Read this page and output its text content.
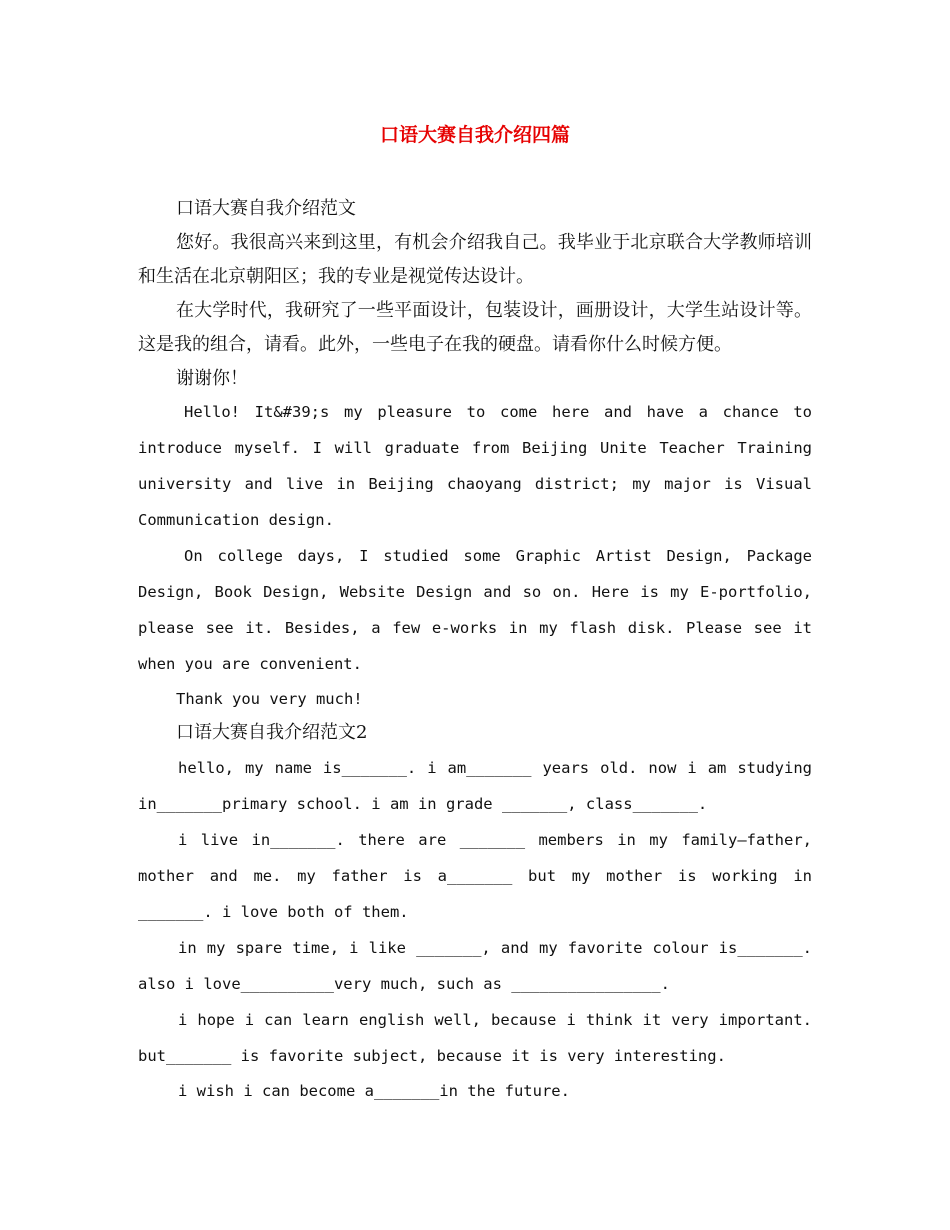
口语大赛自我介绍四篇

口语大赛自我介绍范文

您好。我很高兴来到这里，有机会介绍我自己。我毕业于北京联合大学教师培训和生活在北京朝阳区；我的专业是视觉传达设计。

在大学时代，我研究了一些平面设计，包装设计，画册设计，大学生站设计等。这是我的组合，请看。此外，一些电子在我的硬盘。请看你什么时候方便。

谢谢你！

Hello! It&#39;s my pleasure to come here and have a chance to introduce myself. I will graduate from Beijing Unite Teacher Training university and live in Beijing chaoyang district; my major is Visual Communication design.

On college days, I studied some Graphic Artist Design, Package Design, Book Design, Website Design and so on. Here is my E-portfolio, please see it. Besides, a few e-works in my flash disk. Please see it when you are convenient.

Thank you very much!

口语大赛自我介绍范文2

hello, my name is_______. i am_______ years old. now i am studying in_______primary school. i am in grade _______, class_______.

i live in_______. there are _______ members in my family—father, mother and me. my father is a_______ but my mother is working in _______. i love both of them.

in my spare time, i like _______, and my favorite colour is_______. also i love__________very much, such as ________________.

i hope i can learn english well, because i think it very important. but_______ is favorite subject, because it is very interesting.

i wish i can become a_______in the future.
